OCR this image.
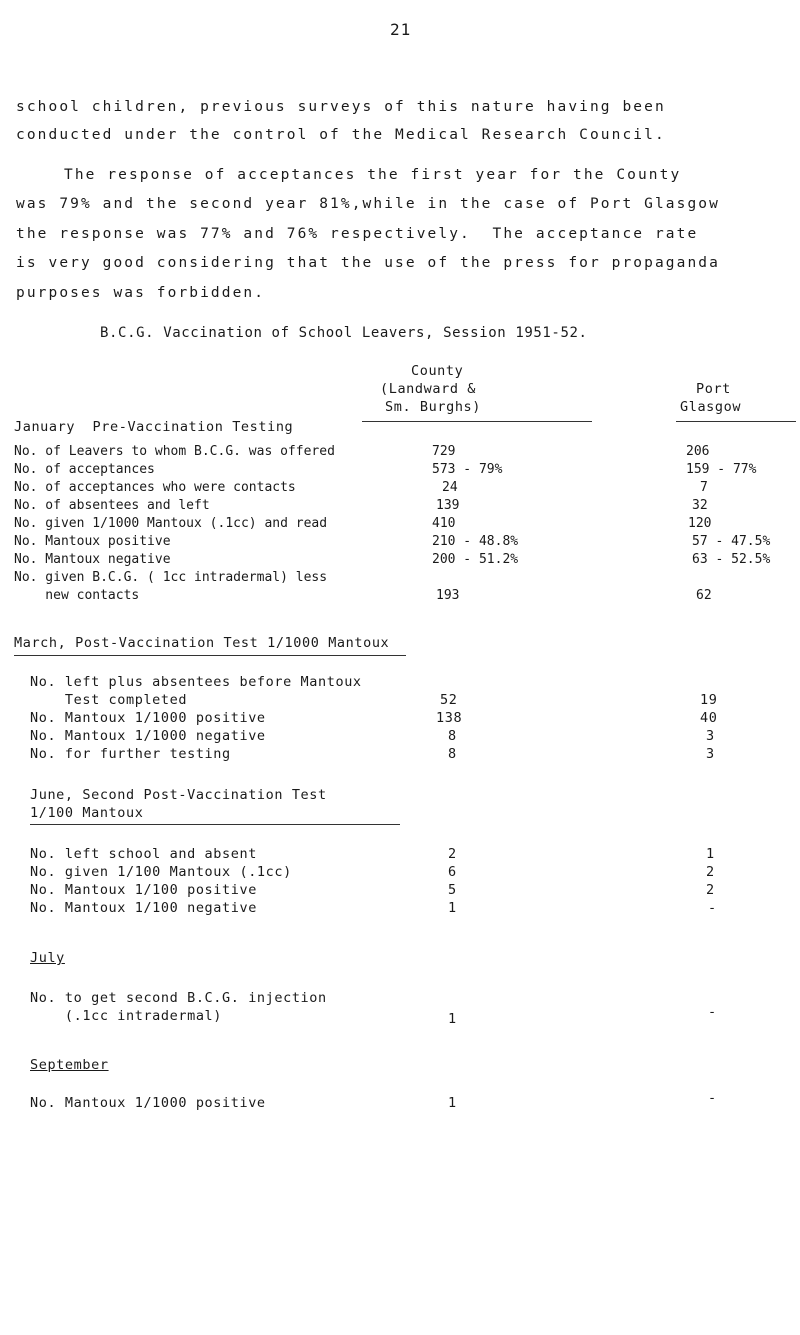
21
school children, previous surveys of this nature having been
conducted under the control of the Medical Research Council.
The response of acceptances the first year for the County
was 79% and the second year 81%,while in the case of Port Glasgow
the response was 77% and 76% respectively.  The acceptance rate
is very good considering that the use of the press for propaganda
purposes was forbidden.
B.C.G. Vaccination of School Leavers, Session 1951-52.
County
(Landward &
Sm. Burghs)
Port
Glasgow
January  Pre-Vaccination Testing
No. of Leavers to whom B.C.G. was offered	729	206
No. of acceptances	573 - 79%	159 - 77%
No. of acceptances who were contacts	24	7
No. of absentees and left	139	32
No. given 1/1000 Mantoux (.1cc) and read	410	120
No. Mantoux positive	210 - 48.8%	57 - 47.5%
No. Mantoux negative	200 - 51.2%	63 - 52.5%
No. given B.C.G. ( 1cc intradermal) less
new contacts	193	62
March, Post-Vaccination Test 1/1000 Mantoux
No. left plus absentees before Mantoux
Test completed	52	19
No. Mantoux 1/1000 positive	138	40
No. Mantoux 1/1000 negative	8	3
No. for further testing	8	3
June, Second Post-Vaccination Test
1/100 Mantoux
No. left school and absent	2	1
No. given 1/100 Mantoux (.1cc)	6	2
No. Mantoux 1/100 positive	5	2
No. Mantoux 1/100 negative	1	-
July
No. to get second B.C.G. injection
(.1cc intradermal)	1	-
September
No. Mantoux 1/1000 positive	1	-
